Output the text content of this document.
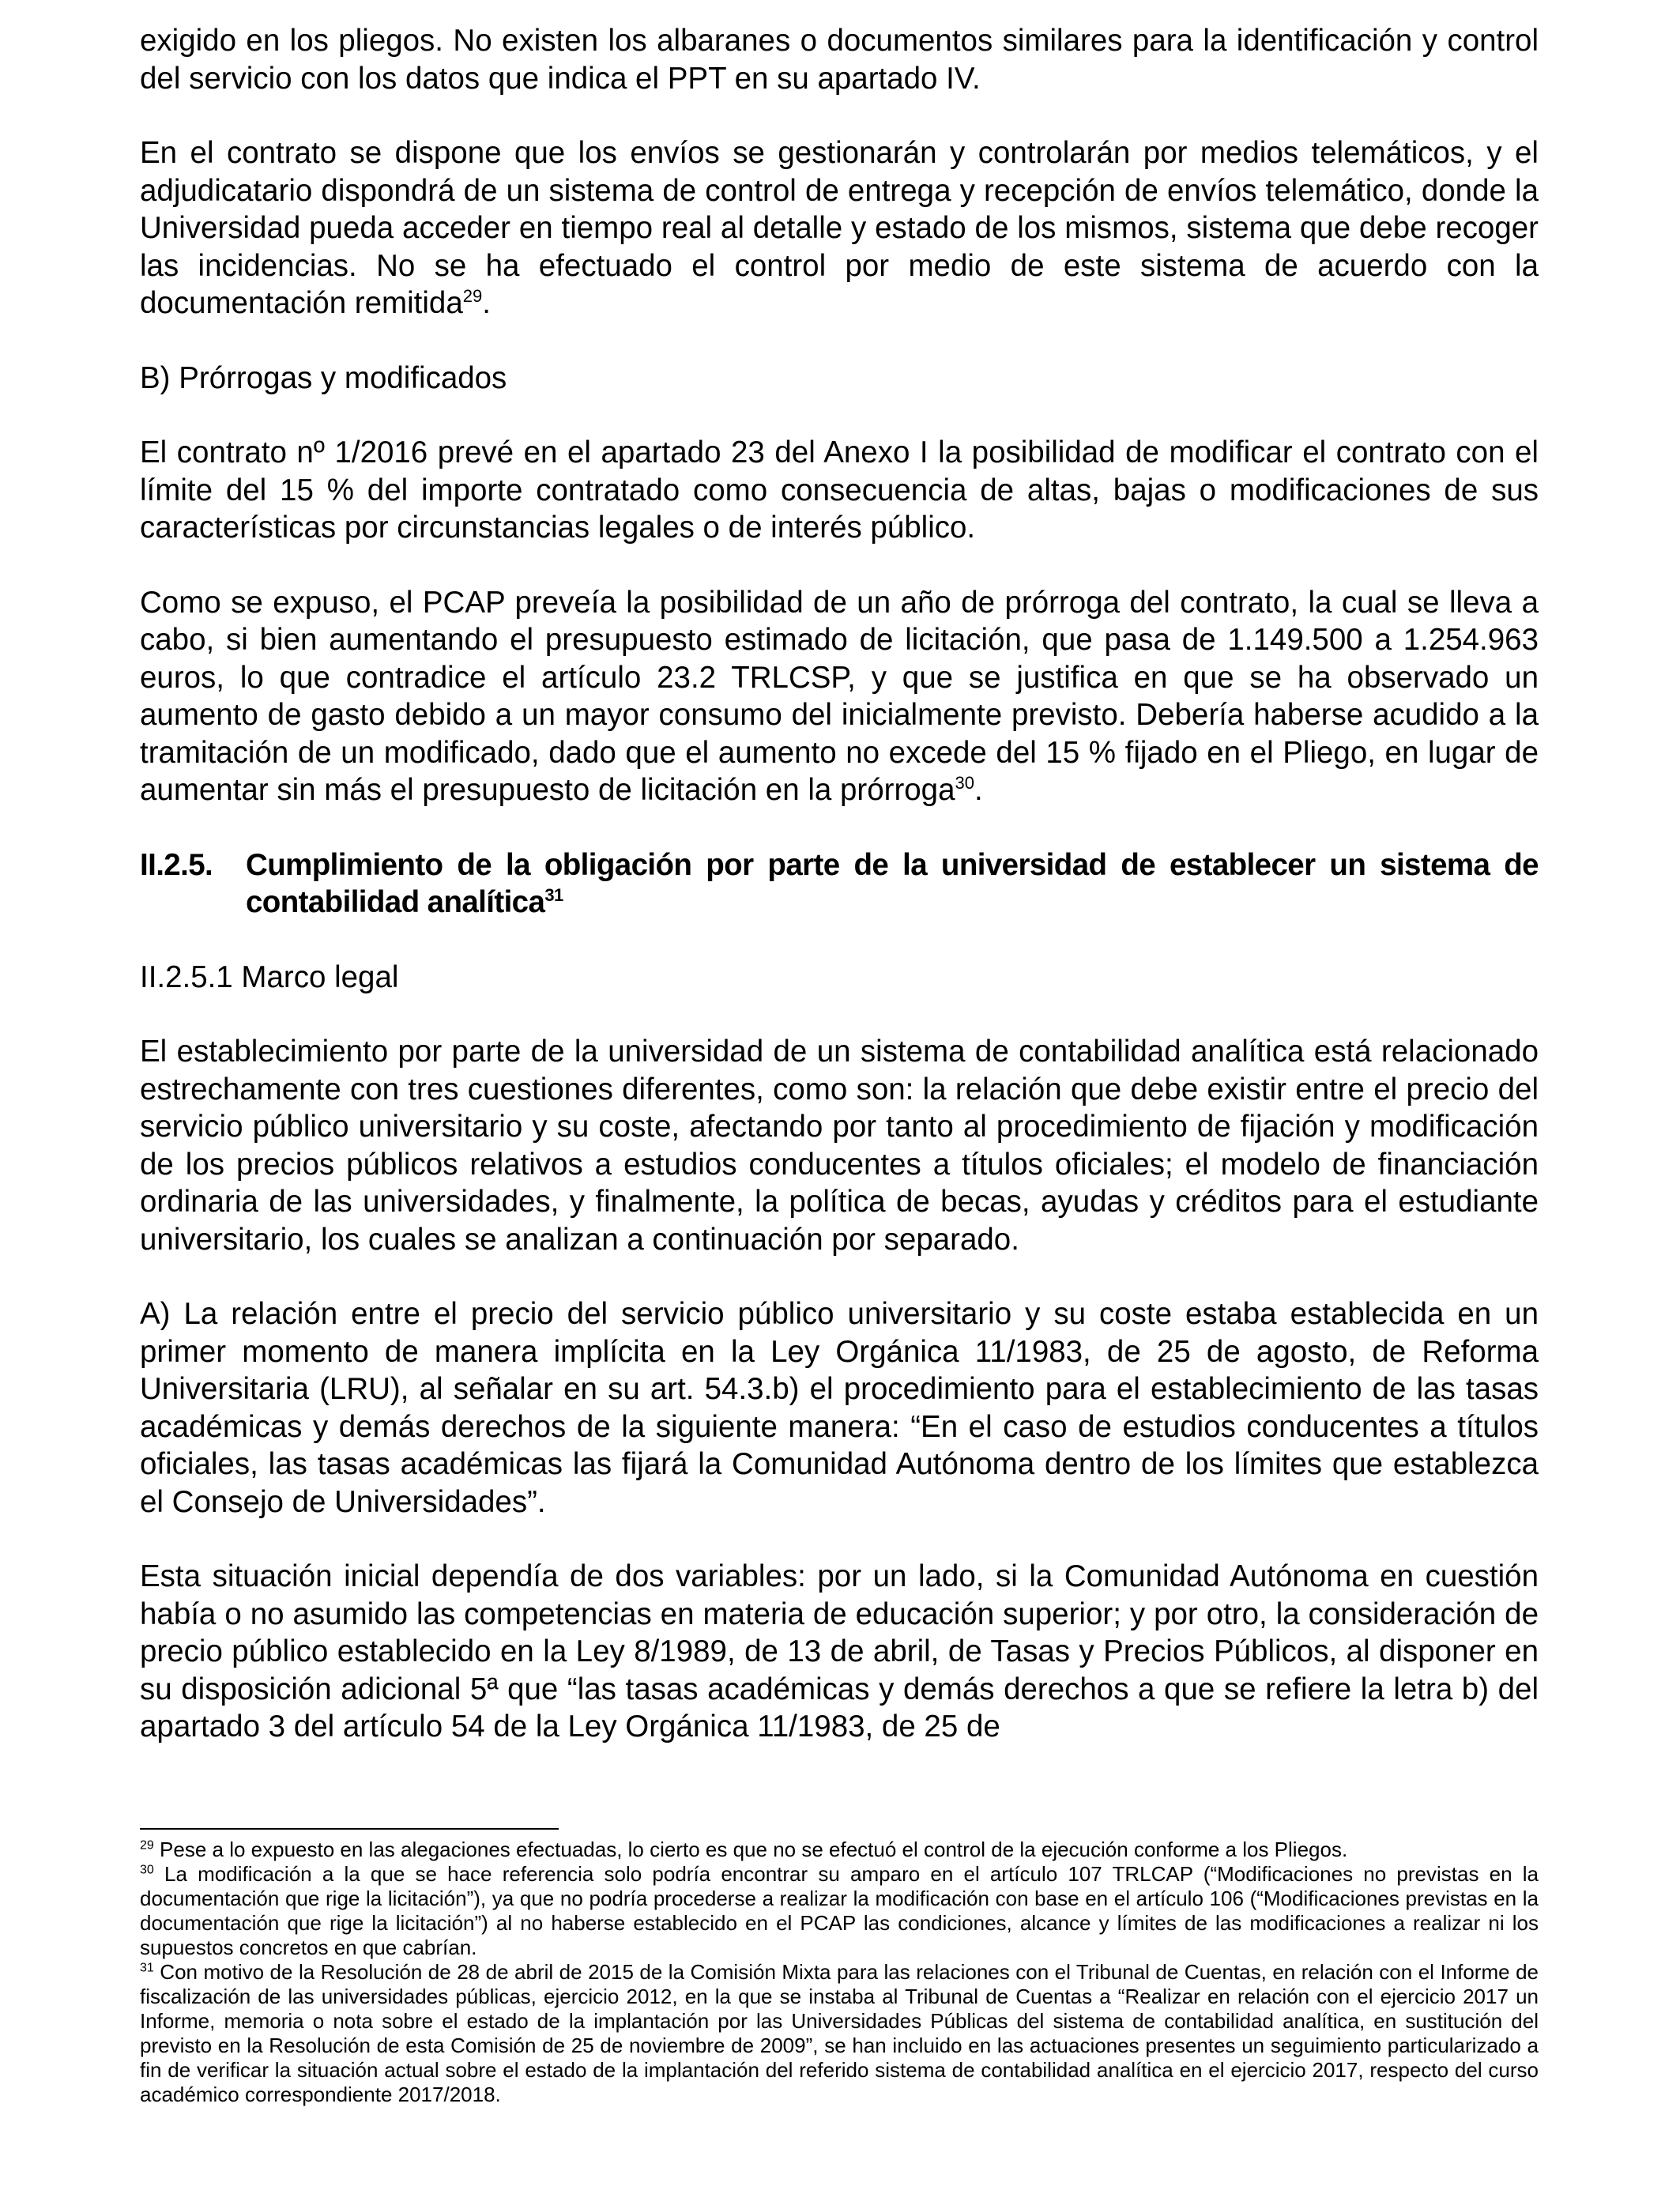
exigido en los pliegos. No existen los albaranes o documentos similares para la identificación y control del servicio con los datos que indica el PPT en su apartado IV.

En el contrato se dispone que los envíos se gestionarán y controlarán por medios telemáticos, y el adjudicatario dispondrá de un sistema de control de entrega y recepción de envíos telemático, donde la Universidad pueda acceder en tiempo real al detalle y estado de los mismos, sistema que debe recoger las incidencias. No se ha efectuado el control por medio de este sistema de acuerdo con la documentación remitida$^{29}$.

B) Prórrogas y modificados

El contrato nº 1/2016 prevé en el apartado 23 del Anexo I la posibilidad de modificar el contrato con el límite del 15 % del importe contratado como consecuencia de altas, bajas o modificaciones de sus características por circunstancias legales o de interés público.

Como se expuso, el PCAP preveía la posibilidad de un año de prórroga del contrato, la cual se lleva a cabo, si bien aumentando el presupuesto estimado de licitación, que pasa de 1.149.500 a 1.254.963 euros, lo que contradice el artículo 23.2 TRLCSP, y que se justifica en que se ha observado un aumento de gasto debido a un mayor consumo del inicialmente previsto. Debería haberse acudido a la tramitación de un modificado, dado que el aumento no excede del 15 % fijado en el Pliego, en lugar de aumentar sin más el presupuesto de licitación en la prórroga$^{30}$.

II.2.5.	Cumplimiento de la obligación por parte de la universidad de establecer un sistema de contabilidad analítica$^{31}$

II.2.5.1 Marco legal

El establecimiento por parte de la universidad de un sistema de contabilidad analítica está relacionado estrechamente con tres cuestiones diferentes, como son: la relación que debe existir entre el precio del servicio público universitario y su coste, afectando por tanto al procedimiento de fijación y modificación de los precios públicos relativos a estudios conducentes a títulos oficiales; el modelo de financiación ordinaria de las universidades, y finalmente, la política de becas, ayudas y créditos para el estudiante universitario, los cuales se analizan a continuación por separado.

A) La relación entre el precio del servicio público universitario y su coste estaba establecida en un primer momento de manera implícita en la Ley Orgánica 11/1983, de 25 de agosto, de Reforma Universitaria (LRU), al señalar en su art. 54.3.b) el procedimiento para el establecimiento de las tasas académicas y demás derechos de la siguiente manera: “En el caso de estudios conducentes a títulos oficiales, las tasas académicas las fijará la Comunidad Autónoma dentro de los límites que establezca el Consejo de Universidades”.

Esta situación inicial dependía de dos variables: por un lado, si la Comunidad Autónoma en cuestión había o no asumido las competencias en materia de educación superior; y por otro, la consideración de precio público establecido en la Ley 8/1989, de 13 de abril, de Tasas y Precios Públicos, al disponer en su disposición adicional 5ª que “las tasas académicas y demás derechos a que se refiere la letra b) del apartado 3 del artículo 54 de la Ley Orgánica 11/1983, de 25 de

$^{29}$ Pese a lo expuesto en las alegaciones efectuadas, lo cierto es que no se efectuó el control de la ejecución conforme a los Pliegos.

$^{30}$ La modificación a la que se hace referencia solo podría encontrar su amparo en el artículo 107 TRLCAP (“Modificaciones no previstas en la documentación que rige la licitación”), ya que no podría procederse a realizar la modificación con base en el artículo 106 (“Modificaciones previstas en la documentación que rige la licitación”) al no haberse establecido en el PCAP las condiciones, alcance y límites de las modificaciones a realizar ni los supuestos concretos en que cabrían.

$^{31}$ Con motivo de la Resolución de 28 de abril de 2015 de la Comisión Mixta para las relaciones con el Tribunal de Cuentas, en relación con el Informe de fiscalización de las universidades públicas, ejercicio 2012, en la que se instaba al Tribunal de Cuentas a “Realizar en relación con el ejercicio 2017 un Informe, memoria o nota sobre el estado de la implantación por las Universidades Públicas del sistema de contabilidad analítica, en sustitución del previsto en la Resolución de esta Comisión de 25 de noviembre de 2009”, se han incluido en las actuaciones presentes un seguimiento particularizado a fin de verificar la situación actual sobre el estado de la implantación del referido sistema de contabilidad analítica en el ejercicio 2017, respecto del curso académico correspondiente 2017/2018.
